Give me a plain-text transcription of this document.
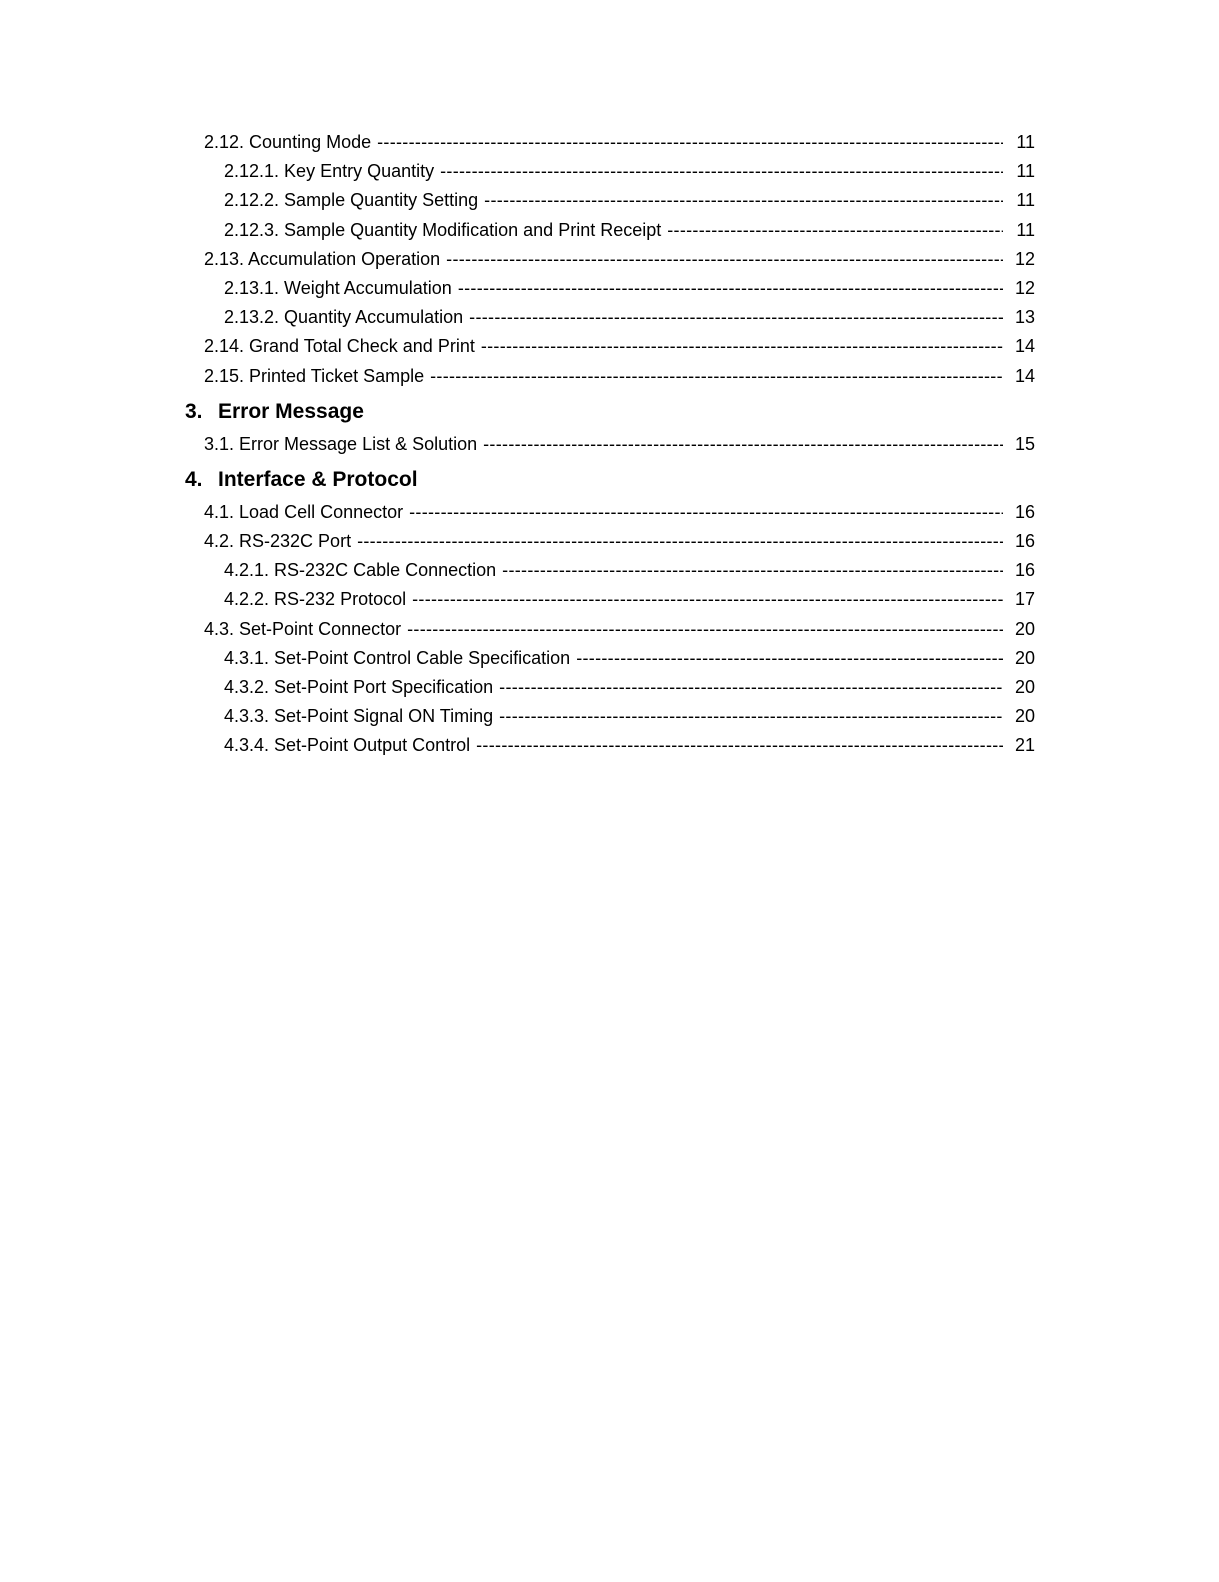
2.12. Counting Mode -----	11
2.12.1. Key Entry Quantity -----	11
2.12.2. Sample Quantity Setting -----	11
2.12.3. Sample Quantity Modification and Print Receipt -----	11
2.13. Accumulation Operation -----	12
2.13.1. Weight Accumulation -----	12
2.13.2. Quantity Accumulation -----	13
2.14. Grand Total Check and Print -----	14
2.15. Printed Ticket Sample -----	14
3. Error Message
3.1. Error Message List & Solution -----	15
4. Interface & Protocol
4.1. Load Cell Connector -----	16
4.2. RS-232C Port -----	16
4.2.1. RS-232C Cable Connection -----	16
4.2.2. RS-232 Protocol -----	17
4.3. Set-Point Connector -----	20
4.3.1. Set-Point Control Cable Specification -----	20
4.3.2. Set-Point Port Specification -----	20
4.3.3. Set-Point Signal ON Timing -----	20
4.3.4. Set-Point Output Control -----	21
